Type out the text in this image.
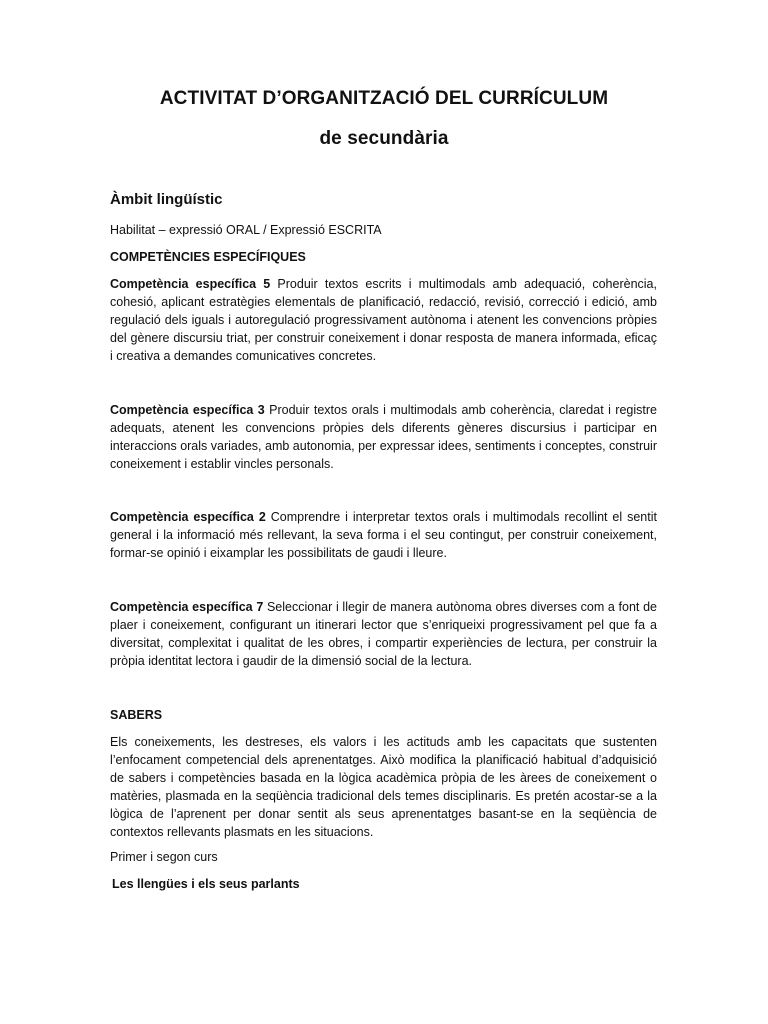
ACTIVITAT D’ORGANITZACIÓ DEL CURRÍCULUM
de secundària
Àmbit lingüístic
Habilitat – expressió ORAL / Expressió ESCRITA
COMPETÈNCIES ESPECÍFIQUES
Competència específica 5 Produir textos escrits i multimodals amb adequació, coherència, cohesió, aplicant estratègies elementals de planificació, redacció, revisió, correcció i edició, amb regulació dels iguals i autoregulació progressivament autònoma i atenent les convencions pròpies del gènere discursiu triat, per construir coneixement i donar resposta de manera informada, eficaç i creativa a demandes comunicatives concretes.
Competència específica 3 Produir textos orals i multimodals amb coherència, claredat i registre adequats, atenent les convencions pròpies dels diferents gèneres discursius i participar en interaccions orals variades, amb autonomia, per expressar idees, sentiments i conceptes, construir coneixement i establir vincles personals.
Competència específica 2 Comprendre i interpretar textos orals i multimodals recollint el sentit general i la informació més rellevant, la seva forma i el seu contingut, per construir coneixement, formar-se opinió i eixamplar les possibilitats de gaudi i lleure.
Competència específica 7 Seleccionar i llegir de manera autònoma obres diverses com a font de plaer i coneixement, configurant un itinerari lector que s’enriqueixi progressivament pel que fa a diversitat, complexitat i qualitat de les obres, i compartir experiències de lectura, per construir la pròpia identitat lectora i gaudir de la dimensió social de la lectura.
SABERS
Els coneixements, les destreses, els valors i les actituds amb les capacitats que sustenten l’enfocament competencial dels aprenentatges. Això modifica la planificació habitual d’adquisició de sabers i competències basada en la lògica acadèmica pròpia de les àrees de coneixement o matèries, plasmada en la seqüència tradicional dels temes disciplinaris. Es pretén acostar-se a la lògica de l’aprenent per donar sentit als seus aprenentatges basant-se en la seqüència de contextos rellevants plasmats en les situacions.
Primer i segon curs
Les llengües i els seus parlants
